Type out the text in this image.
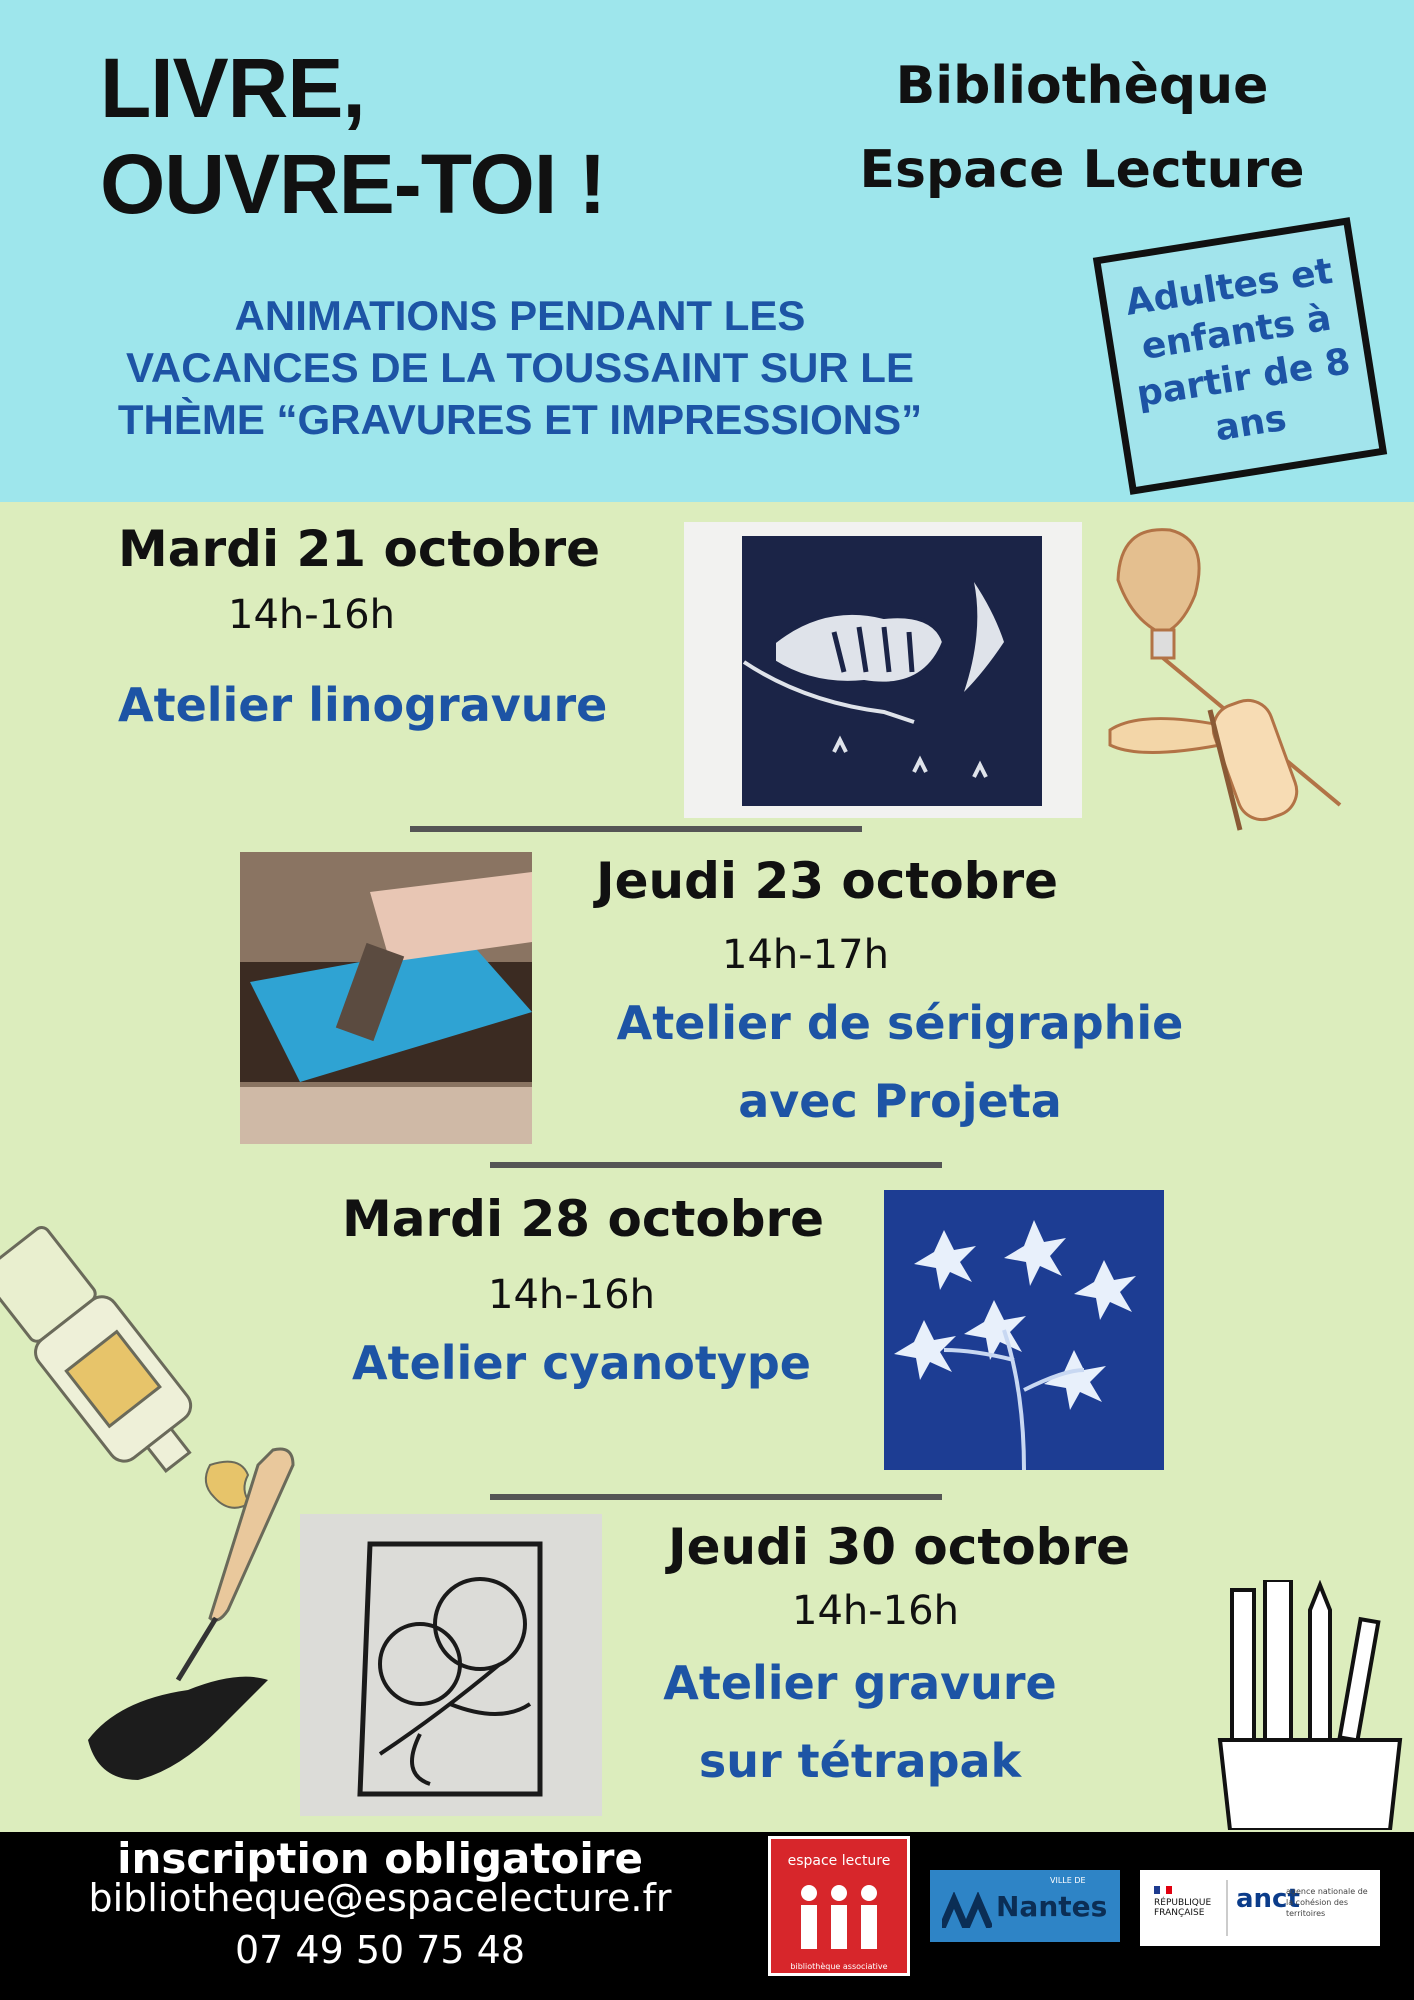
LIVRE,
OUVRE-TOI !
Bibliothèque
Espace Lecture
ANIMATIONS PENDANT LES
VACANCES DE LA TOUSSAINT SUR LE
THÈME “GRAVURES ET IMPRESSIONS”
Adultes et enfants à partir de 8 ans
Mardi 21 octobre
14h-16h
Atelier linogravure
Jeudi 23 octobre
14h-17h
Atelier de sérigraphie
avec Projeta
Mardi 28 octobre
14h-16h
Atelier cyanotype
Jeudi 30 octobre
14h-16h
Atelier gravure
sur tétrapak
inscription obligatoire
bibliotheque@espacelecture.fr
07 49 50 75 48
espace lecture
bibliothèque associative
VILLE DE
Nantes	RÉPUBLIQUE
FRANÇAISE anct
agence nationale de la cohésion des territoires
